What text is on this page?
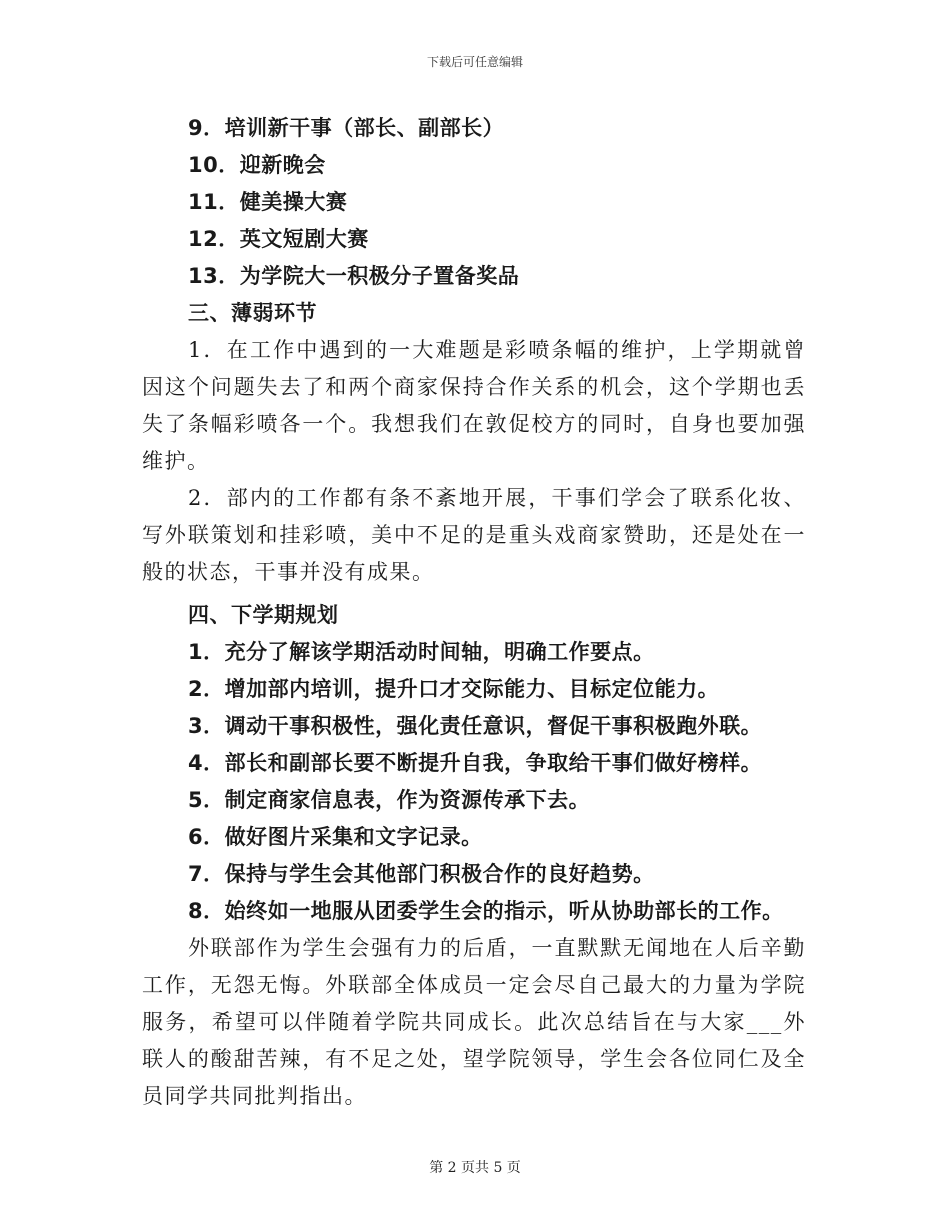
下载后可任意编辑
9．培训新干事（部长、副部长）
10．迎新晚会
11．健美操大赛
12．英文短剧大赛
13．为学院大一积极分子置备奖品
三、薄弱环节

1．在工作中遇到的一大难题是彩喷条幅的维护，上学期就曾因这个问题失去了和两个商家保持合作关系的机会，这个学期也丢失了条幅彩喷各一个。我想我们在敦促校方的同时，自身也要加强维护。

2．部内的工作都有条不紊地开展，干事们学会了联系化妆、写外联策划和挂彩喷，美中不足的是重头戏商家赞助，还是处在一般的状态，干事并没有成果。

四、下学期规划
1．充分了解该学期活动时间轴，明确工作要点。
2．增加部内培训，提升口才交际能力、目标定位能力。
3．调动干事积极性，强化责任意识，督促干事积极跑外联。
4．部长和副部长要不断提升自我，争取给干事们做好榜样。
5．制定商家信息表，作为资源传承下去。
6．做好图片采集和文字记录。
7．保持与学生会其他部门积极合作的良好趋势。
8．始终如一地服从团委学生会的指示，听从协助部长的工作。

外联部作为学生会强有力的后盾，一直默默无闻地在人后辛勤工作，无怨无悔。外联部全体成员一定会尽自己最大的力量为学院服务，希望可以伴随着学院共同成长。此次总结旨在与大家___外联人的酸甜苦辣，有不足之处，望学院领导，学生会各位同仁及全员同学共同批判指出。

第 2 页共 5 页
